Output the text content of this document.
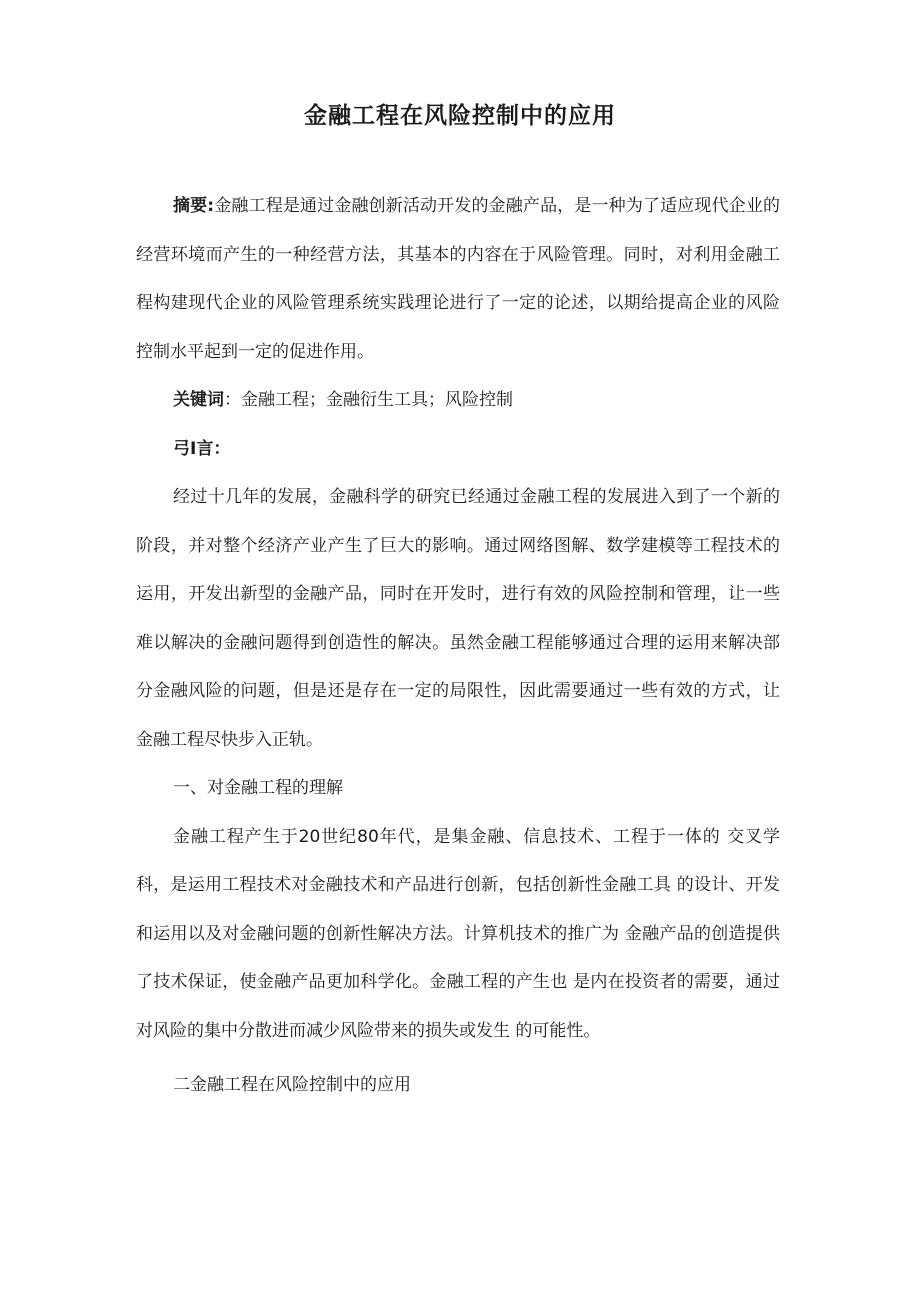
金融工程在风险控制中的应用

摘要:金融工程是通过金融创新活动开发的金融产品，是一种为了适应现代企业的经营环境而产生的一种经营方法，其基本的内容在于风险管理。同时，对利用金融工程构建现代企业的风险管理系统实践理论进行了一定的论述，以期给提高企业的风险控制水平起到一定的促进作用。

关键词：金融工程；金融衍生工具；风险控制

弓I言：

经过十几年的发展，金融科学的研究已经通过金融工程的发展进入到了一个新的阶段，并对整个经济产业产生了巨大的影响。通过网络图解、数学建模等工程技术的运用，开发出新型的金融产品，同时在开发时，进行有效的风险控制和管理，让一些难以解决的金融问题得到创造性的解决。虽然金融工程能够通过合理的运用来解决部分金融风险的问题，但是还是存在一定的局限性，因此需要通过一些有效的方式，让金融工程尽快步入正轨。

一、对金融工程的理解

金融工程产生于20世纪80年代，是集金融、信息技术、工程于一体的 交叉学科，是运用工程技术对金融技术和产品进行创新，包括创新性金融工具 的设计、开发和运用以及对金融问题的创新性解决方法。计算机技术的推广为 金融产品的创造提供了技术保证，使金融产品更加科学化。金融工程的产生也 是内在投资者的需要，通过对风险的集中分散进而减少风险带来的损失或发生 的可能性。

二金融工程在风险控制中的应用
